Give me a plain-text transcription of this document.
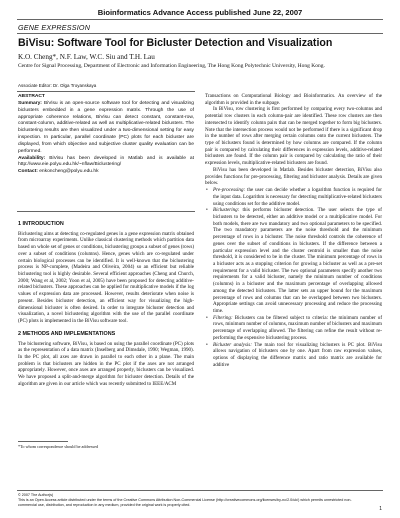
Bioinformatics Advance Access published June 22, 2007
GENE EXPRESSION
BiVisu: Software Tool for Bicluster Detection and Visualization
K.O. Cheng*, N.F. Law, W.C. Siu and T.H. Lau
Centre for Signal Processing, Department of Electronic and Information Engineering, The Hong Kong Polytechnic University, Hong Kong.
Associate Editor: Dr. Olga Troyanskaya

ABSTRACT

Summary: BiVisu is an open-source software tool for detecting and visualizing biclusters embedded in a gene expression matrix. Through the use of appropriate coherence relations, BiVisu can detect constant, constant-row, constant-column, additive-related as well as multiplicative-related biclusters. The biclustering results are then visualized under a two-dimensional setting for easy inspection. In particular, parallel coordinate (PC) plots for each bicluster are displayed, from which objective and subjective cluster quality evaluation can be performed.

Availability: BiVisu has been developed in Matlab and is available at http://www.eie.polyu.edu.hk/~nflaw/Biclustering/

Contact: enkoncheng@polyu.edu.hk

1 INTRODUCTION

Biclustering aims at detecting co-regulated genes in a gene expression matrix obtained from microarray experiments. Unlike classical clustering methods which partition data based on whole set of genes or conditions, biclustering groups a subset of genes (rows) over a subset of conditions (columns). Hence, genes which are co-regulated under certain biological processes can be identified. It is well-known that the biclustering process is NP-complete, (Madeira and Oliveira, 2004) so an efficient but reliable biclustering tool is highly desirable. Several efficient approaches (Cheng and Church, 2000; Wang et al, 2002; Yoon et al, 2005) have been proposed for detecting additive-related biclusters. These approaches can be applied for multiplicative models if the log values of expression data are processed. However, results deteriorate when noise is present. Besides bicluster detection, an efficient way for visualizing the high-dimensional bicluster is often desired. In order to integrate bicluster detection and visualization, a novel biclustering algorithm with the use of the parallel coordinate (PC) plots is implemented in the BiVisu software tool.

2 METHODS AND IMPLEMENTATIONS

The biclustering software, BiVisu, is based on using the parallel coordinate (PC) plots as the representation of a data matrix (Inselberg and Dimsdale, 1990; Wegman, 1990). In the PC plot, all axes are drawn in parallel to each other in a plane. The main problem is that biclusters are hidden in the PC plot if the axes are not arranged appropriately. However, once axes are arranged properly, biclusters can be visualized. We have proposed a split-and-merge algorithm for bicluster detection. Details of the algorithm are given in our article which was recently submitted to IEEE/ACM

*To whom correspondence should be addressed

Transactions on Computational Biology and Bioinformatics. An overview of the algorithm is provided in the subpage.

In BiVisu, row clustering is first performed by comparing every two-columns and potential row clusters in each column-pair are identified. These row clusters are then intersected to identify column pairs that can be merged together to form big biclusters. Note that the intersection process would not be performed if there is a significant drop in the number of rows after merging certain columns onto the current biclusters. The type of biclusters found is determined by how columns are compared. If the column pair is compared by calculating their differences in expression levels, additive-related biclusters are found. If the column pair is compared by calculating the ratio of their expression levels, multiplicative-related biclusters are found.

BiVisu has been developed in Matlab. Besides bicluster detection, BiVisu also provides functions for pre-processing, filtering and bicluster analysis. Details are given below.

• Pre-processing: the user can decide whether a logarithm function is required for the input data. Logarithm is necessary for detecting multiplicative-related biclusters using conditions set for the additive model.
• Biclustering: this performs bicluster detection. The user selects the type of biclusters to be detected, either an additive model or a multiplicative model. For both models, there are two mandatory and two optional parameters to be specified. The two mandatory parameters are the noise threshold and the minimum percentage of rows in a bicluster. The noise threshold controls the coherence of genes over the subset of conditions in biclusters. If the difference between a particular expression level and the cluster centroid is smaller than the noise threshold, it is considered to be in the cluster. The minimum percentage of rows in a bicluster acts as a stopping criterion for growing a bicluster as well as a pre-set requirement for a valid bicluster. The two optional parameters specify another two requirements for a valid bicluster, namely the minimum number of conditions (columns) in a bicluster and the maximum percentage of overlapping allowed among the detected biclusters. The latter sets an upper bound for the maximum percentage of rows and columns that can be overlapped between two biclusters. Appropriate settings can avoid unnecessary processing and reduce the processing time.
• Filtering: Biclusters can be filtered subject to criteria: the minimum number of rows, minimum number of columns, maximum number of biclusters and maximum percentage of overlapping allowed. The filtering can refine the result without re-performing the expensive biclustering process.
• Bicluster analysis: The main tool for visualizing biclusters is PC plot. BiVisu allows navigation of biclusters one by one. Apart from raw expression values, options of displaying the difference matrix and ratio matrix are available for additive
© 2007 The Author(s)
This is an Open Access article distributed under the terms of the Creative Commons Attribution Non-Commercial License (http://creativecommons.org/licenses/by-nc/2.0/uk/) which permits unrestricted non-commercial use, distribution, and reproduction in any medium, provided the original work is properly cited.
1
